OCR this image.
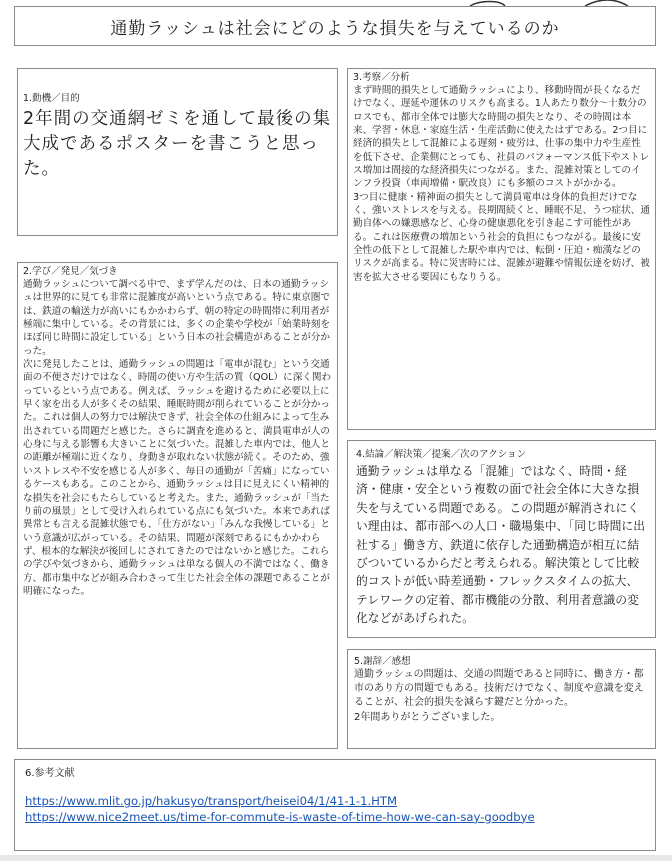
通勤ラッシュは社会にどのような損失を与えているのか
1.動機／目的
2年間の交通網ゼミを通して最後の集大成であるポスターを書こうと思った。
2.学び／発見／気づき
通勤ラッシュについて調べる中で、まず学んだのは、日本の通勤ラッシュは世界的に見ても非常に混雑度が高いという点である。特に東京圏では、鉄道の輸送力が高いにもかかわらず、朝の特定の時間帯に利用者が極端に集中している。その背景には、多くの企業や学校が「始業時刻をほぼ同じ時間に設定している」という日本の社会構造があることが分かった。
次に発見したことは、通勤ラッシュの問題は「電車が混む」という交通面の不便さだけではなく、時間の使い方や生活の質（QOL）に深く関わっているという点である。例えば、ラッシュを避けるために必要以上に早く家を出る人が多くその結果、睡眠時間が削られていることが分かった。これは個人の努力では解決できず、社会全体の仕組みによって生み出されている問題だと感じた。さらに調査を進めると、満員電車が人の心身に与える影響も大きいことに気づいた。混雑した車内では、他人との距離が極端に近くなり、身動きが取れない状態が続く。そのため、強いストレスや不安を感じる人が多く、毎日の通勤が「苦痛」になっているケースもある。このことから、通勤ラッシュは目に見えにくい精神的な損失を社会にもたらしていると考えた。また、通勤ラッシュが「当たり前の風景」として受け入れられている点にも気づいた。本来であれば異常とも言える混雑状態でも、「仕方がない」「みんな我慢している」という意識が広がっている。その結果、問題が深刻であるにもかかわらず、根本的な解決が後回しにされてきたのではないかと感じた。これらの学びや気づきから、通勤ラッシュは単なる個人の不満ではなく、働き方、都市集中などが組み合わさって生じた社会全体の課題であることが明確になった。
3.考察／分析
まず時間的損失として通勤ラッシュにより、移動時間が長くなるだけでなく、遅延や運休のリスクも高まる。1人あたり数分〜十数分のロスでも、都市全体では膨大な時間の損失となり、その時間は本来、学習・休息・家庭生活・生産活動に使えたはずである。2つ目に経済的損失として混雑による遅刻・疲労は、仕事の集中力や生産性を低下させ、企業側にとっても、社員のパフォーマンス低下やストレス増加は間接的な経済損失につながる。また、混雑対策としてのインフラ投資（車両増備・駅改良）にも多額のコストがかかる。
3つ目に健康・精神面の損失として満員電車は身体的負担だけでなく、強いストレスを与える。長期間続くと、睡眠不足、うつ症状、通勤自体への嫌悪感など、心身の健康悪化を引き起こす可能性がある。これは医療費の増加という社会的負担にもつながる。最後に安全性の低下として混雑した駅や車内では、転倒・圧迫・痴漢などのリスクが高まる。特に災害時には、混雑が避難や情報伝達を妨げ、被害を拡大させる要因にもなりうる。
4.結論／解決策／提案／次のアクション
通勤ラッシュは単なる「混雑」ではなく、時間・経済・健康・安全という複数の面で社会全体に大きな損失を与えている問題である。この問題が解消されにくい理由は、都市部への人口・職場集中、「同じ時間に出社する」働き方、鉄道に依存した通勤構造が相互に結びついているからだと考えられる。解決策として比較的コストが低い時差通勤・フレックスタイムの拡大、テレワークの定着、都市機能の分散、利用者意識の変化などがあげられた。
5.謝辞／感想
通勤ラッシュの問題は、交通の問題であると同時に、働き方・都市のあり方の問題でもある。技術だけでなく、制度や意識を変えることが、社会的損失を減らす鍵だと分かった。
2年間ありがとうございました。
6.参考文献
https://www.mlit.go.jp/hakusyo/transport/heisei04/1/41-1-1.HTM
https://www.nice2meet.us/time-for-commute-is-waste-of-time-how-we-can-say-goodbye
